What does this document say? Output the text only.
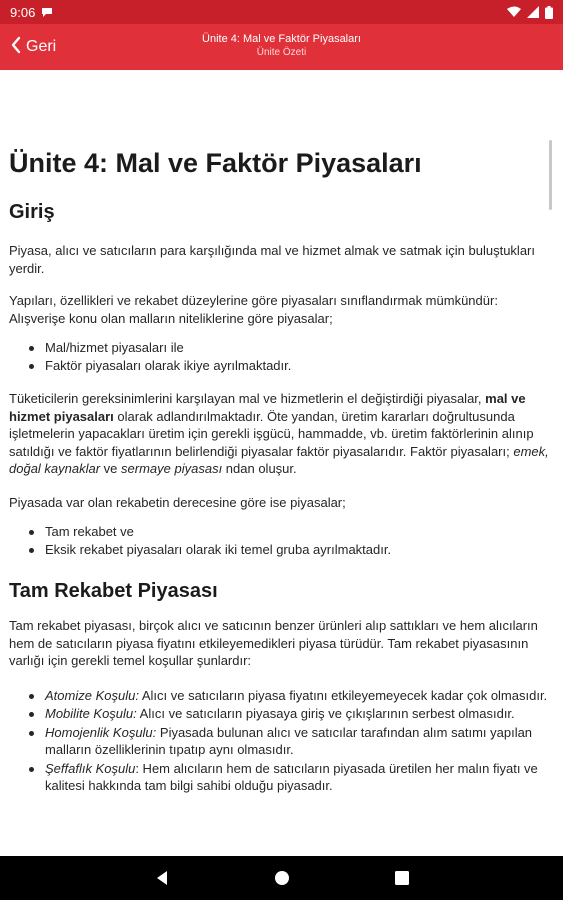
9:06
Geri	Ünite 4: Mal ve Faktör Piyasaları
Ünite Özeti
Ünite 4: Mal ve Faktör Piyasaları
Giriş

Piyasa, alıcı ve satıcıların para karşılığında mal ve hizmet almak ve satmak için buluştukları yerdir.

Yapıları, özellikleri ve rekabet düzeylerine göre piyasaları sınıflandırmak mümkündür: Alışverişe konu olan malların niteliklerine göre piyasalar;

Mal/hizmet piyasaları ile
Faktör piyasaları olarak ikiye ayrılmaktadır.

Tüketicilerin gereksinimlerini karşılayan mal ve hizmetlerin el değiştirdiği piyasalar, mal ve hizmet piyasaları olarak adlandırılmaktadır. Öte yandan, üretim kararları doğrultusunda işletmelerin yapacakları üretim için gerekli işgücü, hammadde, vb. üretim faktörlerinin alınıp satıldığı ve faktör fiyatlarının belirlendiği piyasalar faktör piyasalarıdır. Faktör piyasaları; emek, doğal kaynaklar ve sermaye piyasası ndan oluşur.

Piyasada var olan rekabetin derecesine göre ise piyasalar;

Tam rekabet ve
Eksik rekabet piyasaları olarak iki temel gruba ayrılmaktadır.
Tam Rekabet Piyasası

Tam rekabet piyasası, birçok alıcı ve satıcının benzer ürünleri alıp sattıkları ve hem alıcıların hem de satıcıların piyasa fiyatını etkileyemedikleri piyasa türüdür. Tam rekabet piyasasının varlığı için gerekli temel koşullar şunlardır:

Atomize Koşulu: Alıcı ve satıcıların piyasa fiyatını etkileyemeyecek kadar çok olmasıdır.
Mobilite Koşulu: Alıcı ve satıcıların piyasaya giriş ve çıkışlarının serbest olmasıdır.
Homojenlik Koşulu: Piyasada bulunan alıcı ve satıcılar tarafından alım satımı yapılan malların özelliklerinin tıpatıp aynı olmasıdır.
Şeffaflık Koşulu: Hem alıcıların hem de satıcıların piyasada üretilen her malın fiyatı ve kalitesi hakkında tam bilgi sahibi olduğu piyasadır.
